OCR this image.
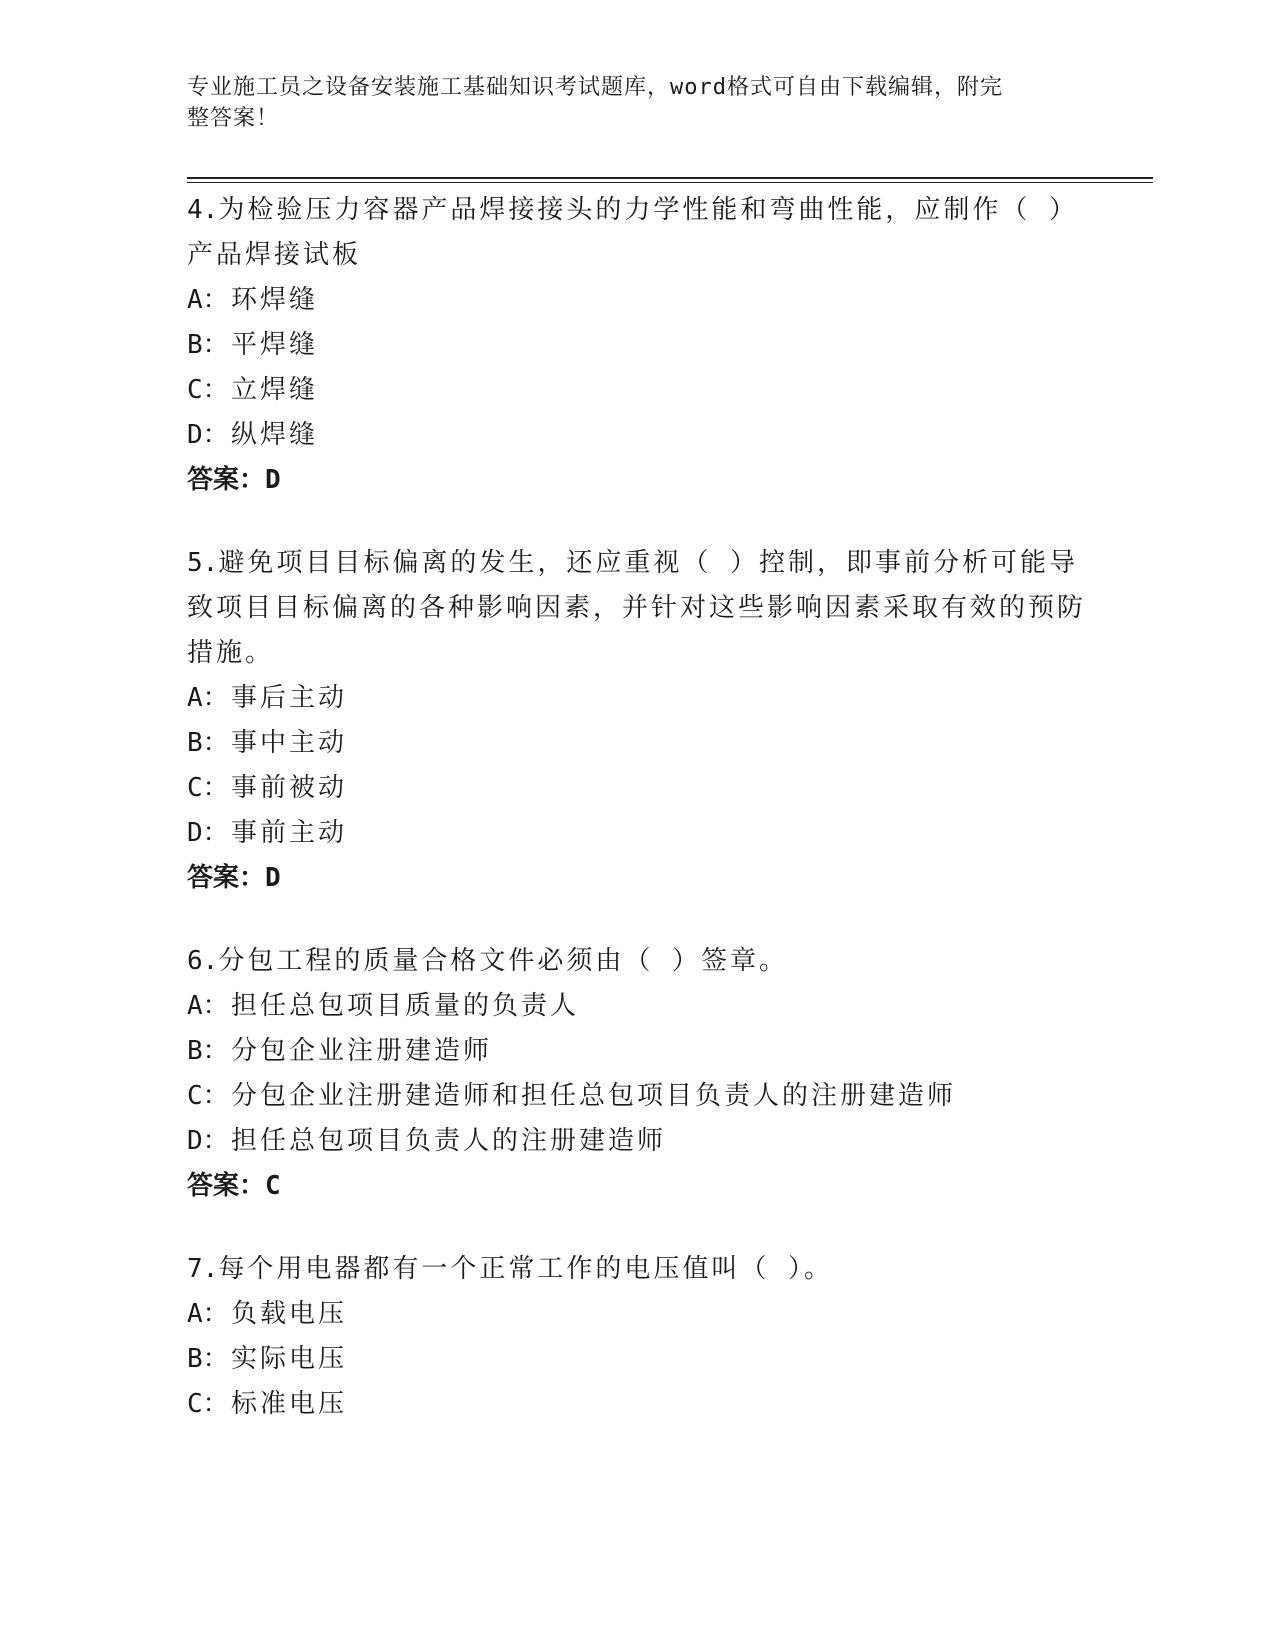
专业施工员之设备安装施工基础知识考试题库，word格式可自由下载编辑，附完
整答案！

4.为检验压力容器产品焊接接头的力学性能和弯曲性能，应制作（ ）产品焊接试板

A：环焊缝
B：平焊缝
C：立焊缝
D：纵焊缝
答案：D

5.避免项目目标偏离的发生，还应重视（ ）控制，即事前分析可能导致项目目标偏离的各种影响因素，并针对这些影响因素采取有效的预防措施。

A：事后主动
B：事中主动
C：事前被动
D：事前主动
答案：D

6.分包工程的质量合格文件必须由（ ）签章。

A：担任总包项目质量的负责人
B：分包企业注册建造师
C：分包企业注册建造师和担任总包项目负责人的注册建造师
D：担任总包项目负责人的注册建造师
答案：C

7.每个用电器都有一个正常工作的电压值叫（ ）。

A：负载电压
B：实际电压
C：标准电压
